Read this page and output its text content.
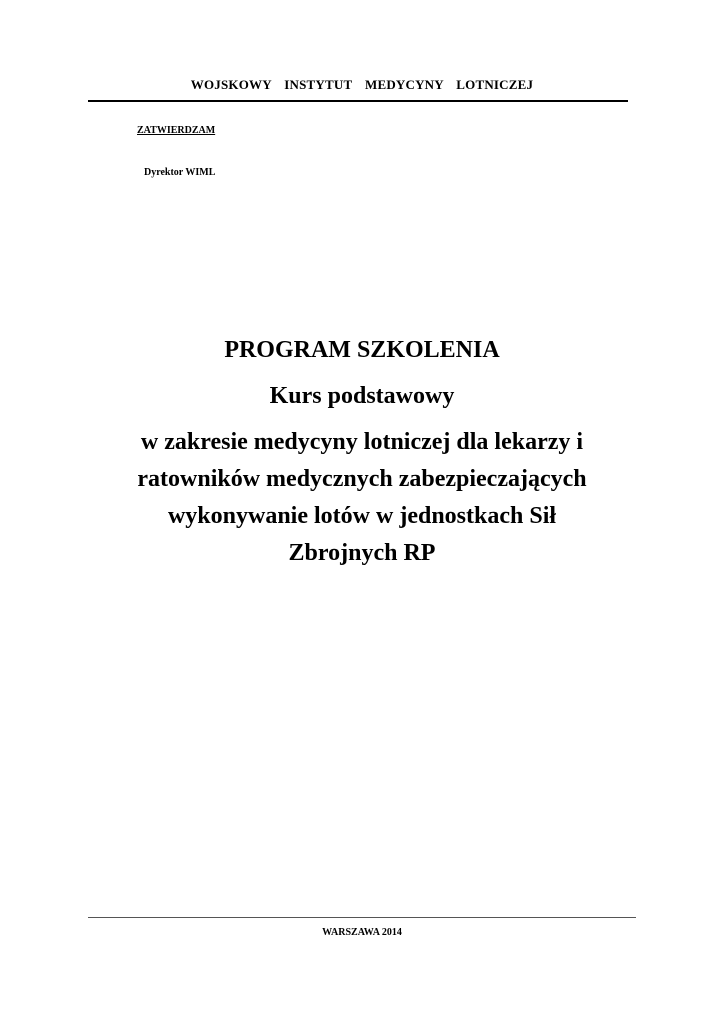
WOJSKOWY  INSTYTUT  MEDYCYNY  LOTNICZEJ
ZATWIERDZAM
Dyrektor WIML
PROGRAM SZKOLENIA
Kurs podstawowy
w zakresie medycyny lotniczej dla lekarzy i
ratowników medycznych zabezpieczających
wykonywanie lotów w jednostkach Sił
Zbrojnych RP
WARSZAWA 2014
